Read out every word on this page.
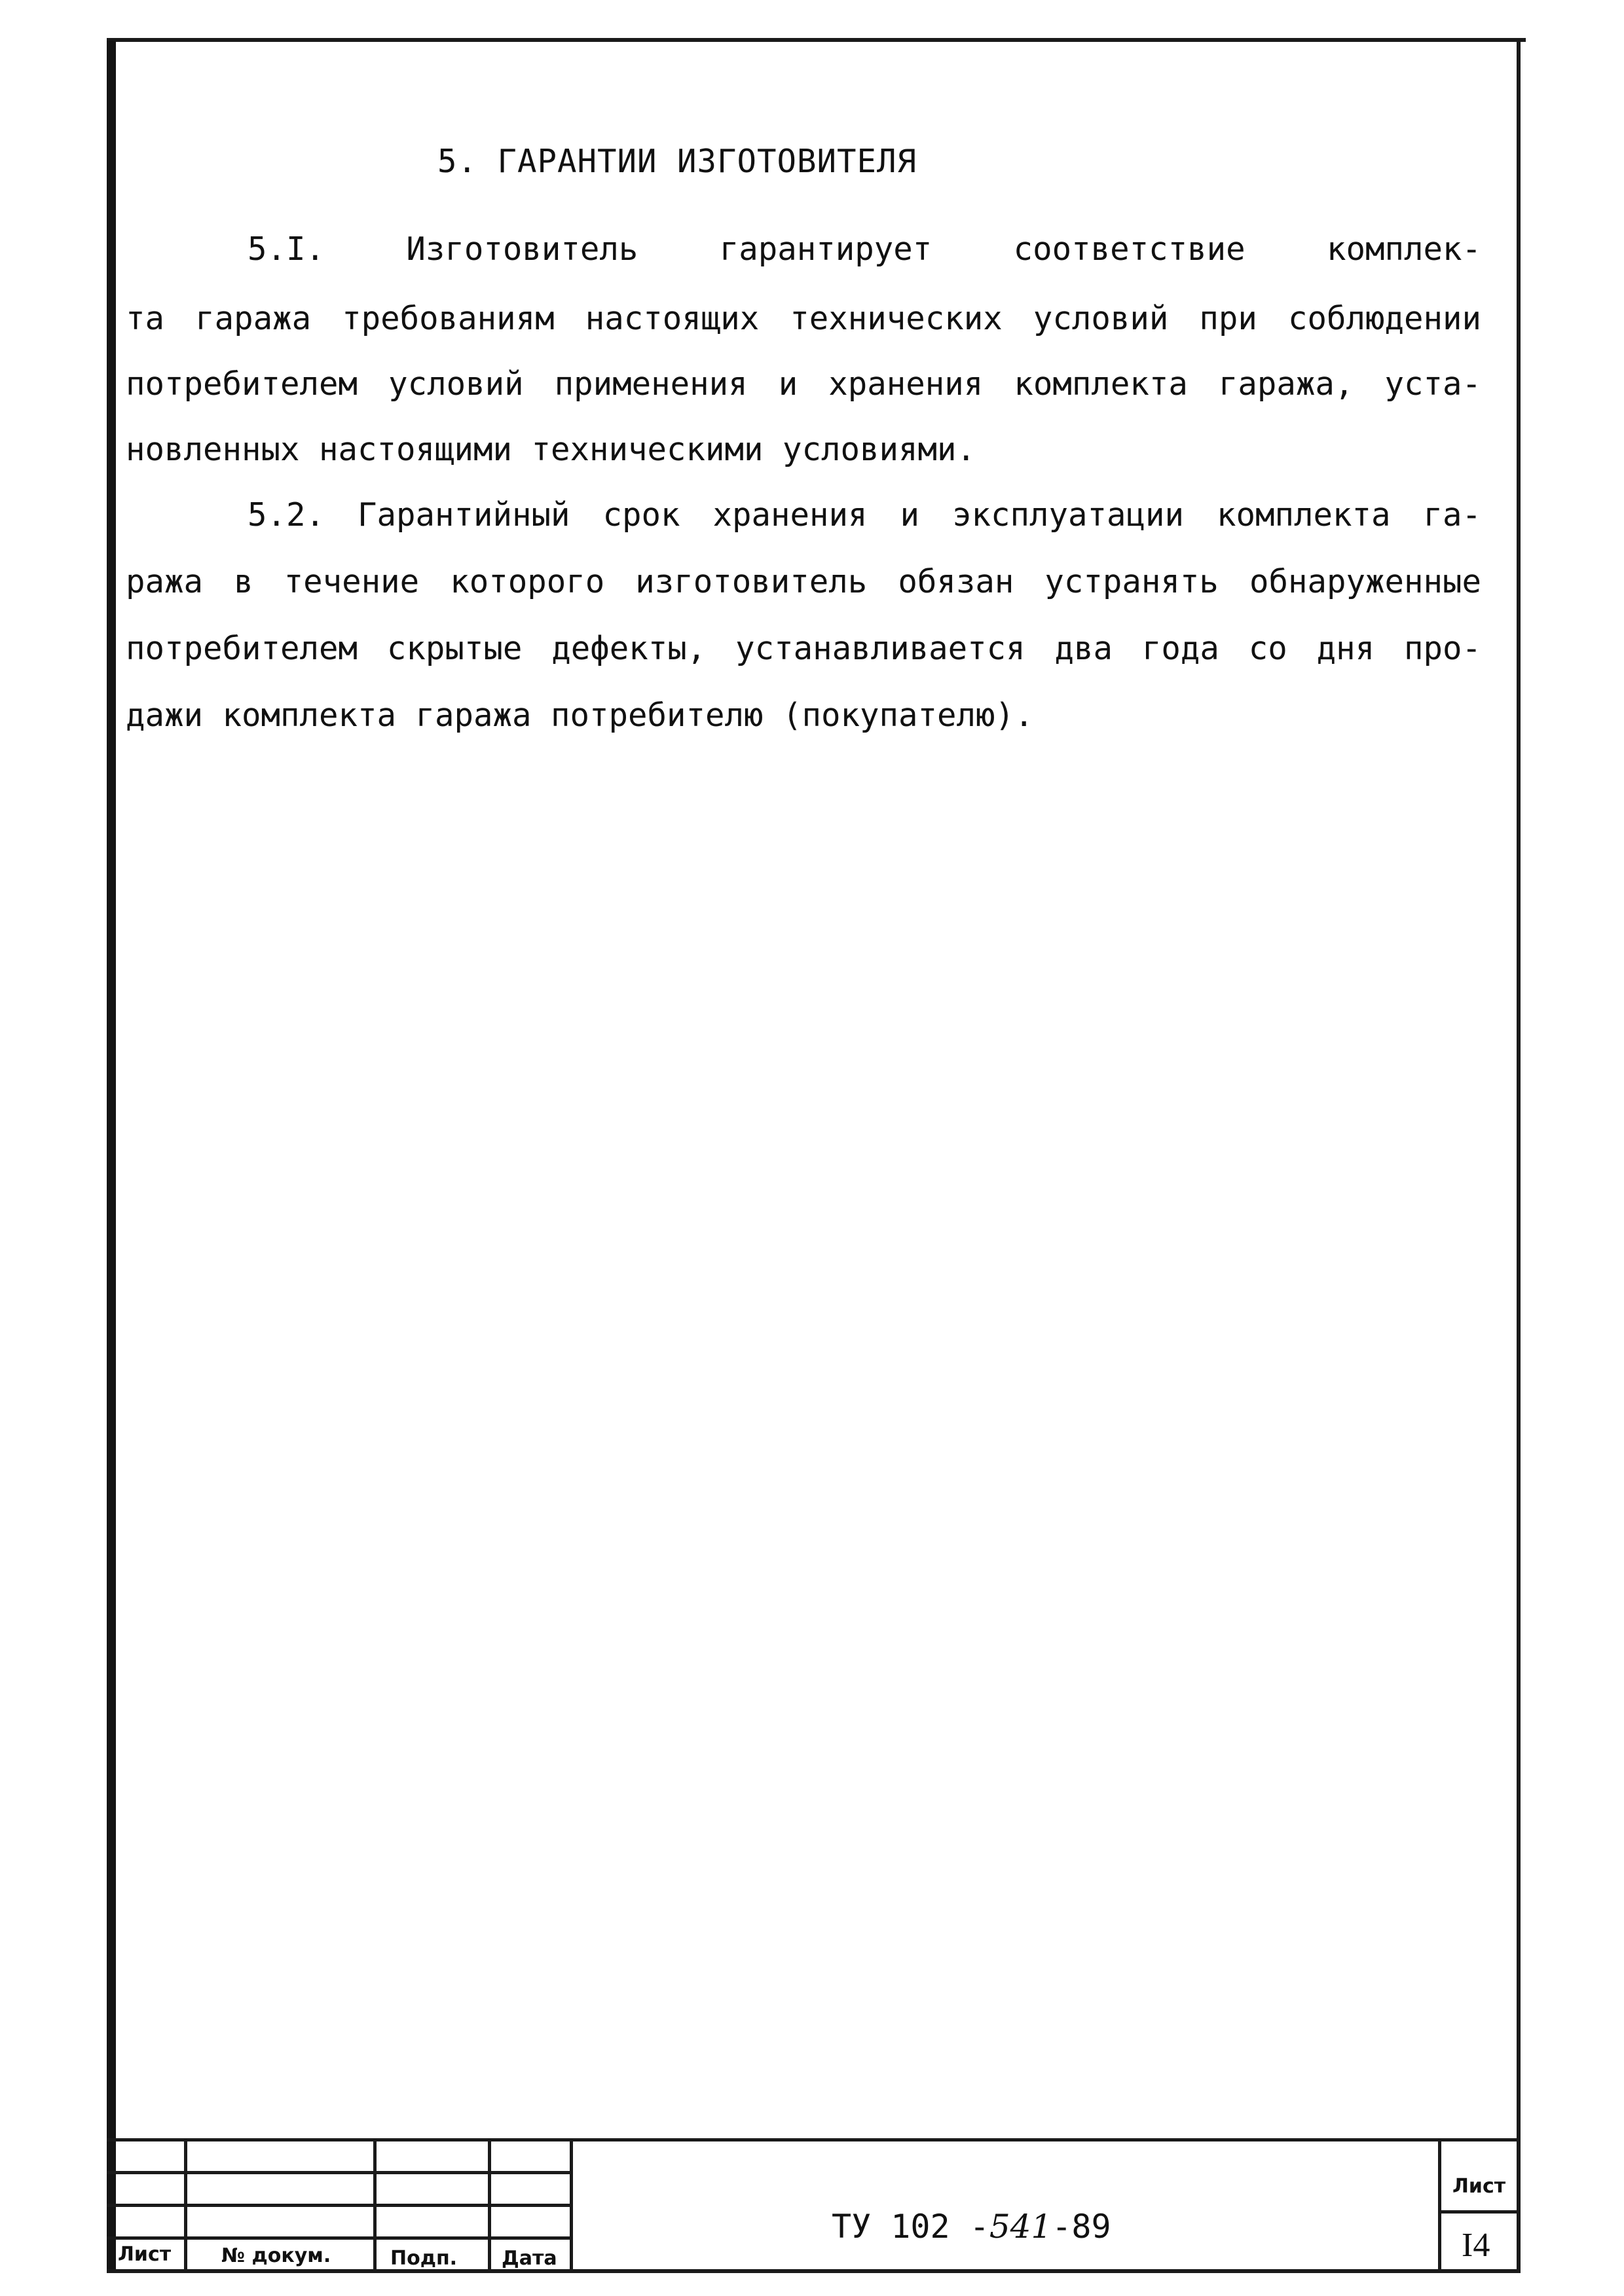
5. ГАРАНТИИ ИЗГОТОВИТЕЛЯ
5.I. Изготовитель гарантирует соответствие комплек-
та гаража требованиям настоящих технических условий при соблюдении
потребителем условий применения и хранения комплекта гаража, уста-
новленных настоящими техническими условиями.
5.2. Гарантийный срок хранения и эксплуатации комплекта га-
ража в течение которого изготовитель обязан устранять обнаруженные
потребителем скрытые дефекты, устанавливается два года со дня про-
дажи комплекта гаража потребителю (покупателю).
Лист	№ докум.	Подп. Дата
ТУ 102 -541-89
Лист
I4
